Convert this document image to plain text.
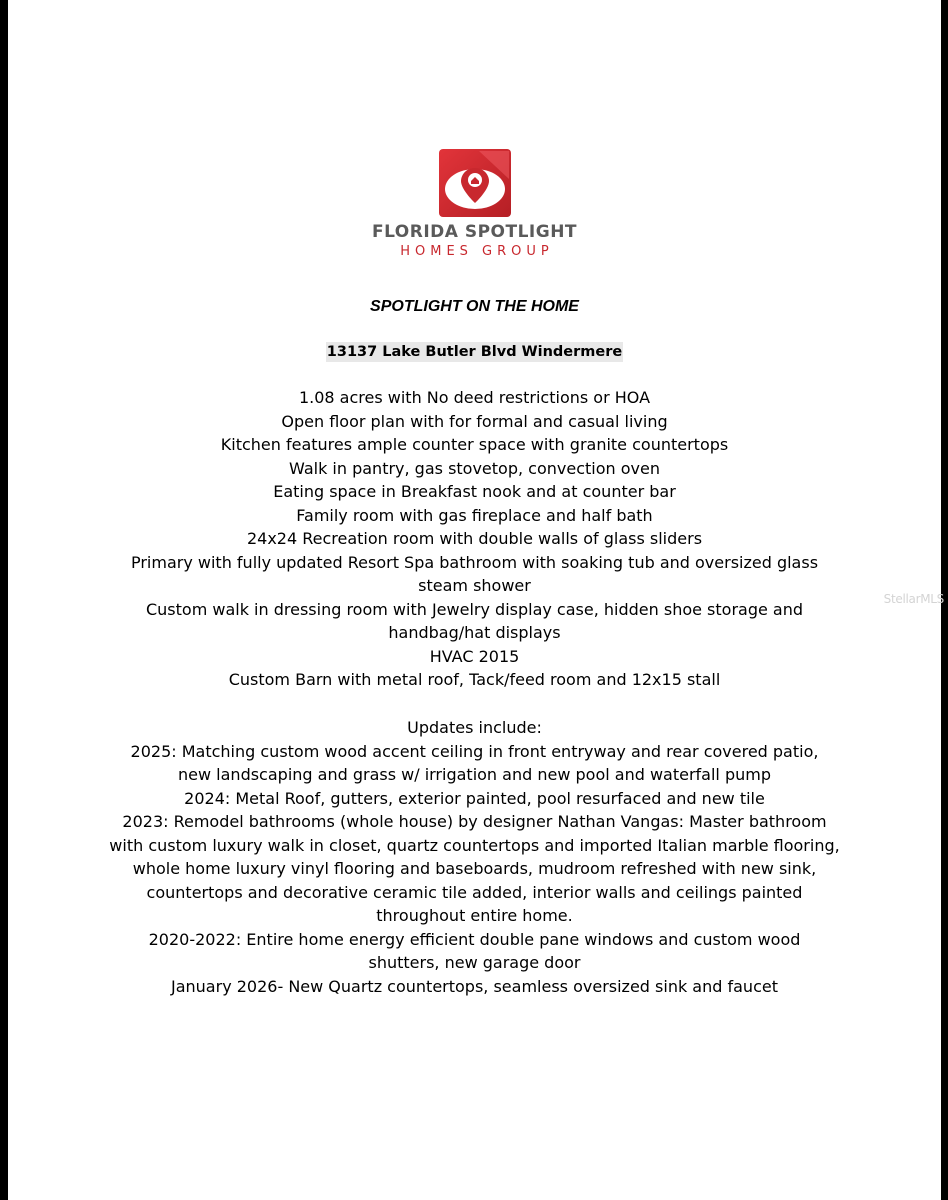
FLORIDA SPOTLIGHT
HOMES GROUP
SPOTLIGHT ON THE HOME
13137 Lake Butler Blvd Windermere
1.08 acres with No deed restrictions or HOA
Open floor plan with for formal and casual living
Kitchen features ample counter space with granite countertops
Walk in pantry, gas stovetop, convection oven
Eating space in Breakfast nook and at counter bar
Family room with gas fireplace and half bath
24x24 Recreation room with double walls of glass sliders
Primary with fully updated Resort Spa bathroom with soaking tub and oversized glass steam shower
Custom walk in dressing room with Jewelry display case, hidden shoe storage and handbag/hat displays
HVAC 2015
Custom Barn with metal roof, Tack/feed room and 12x15 stall
Updates include:
2025: Matching custom wood accent ceiling in front entryway and rear covered patio, new landscaping and grass w/ irrigation and new pool and waterfall pump
2024: Metal Roof, gutters, exterior painted, pool resurfaced and new tile
2023: Remodel bathrooms (whole house) by designer Nathan Vangas: Master bathroom with custom luxury walk in closet, quartz countertops and imported Italian marble flooring, whole home luxury vinyl flooring and baseboards, mudroom refreshed with new sink, countertops and decorative ceramic tile added, interior walls and ceilings painted throughout entire home.
2020-2022: Entire home energy efficient double pane windows and custom wood shutters, new garage door
January 2026- New Quartz countertops, seamless oversized sink and faucet
StellarMLS
